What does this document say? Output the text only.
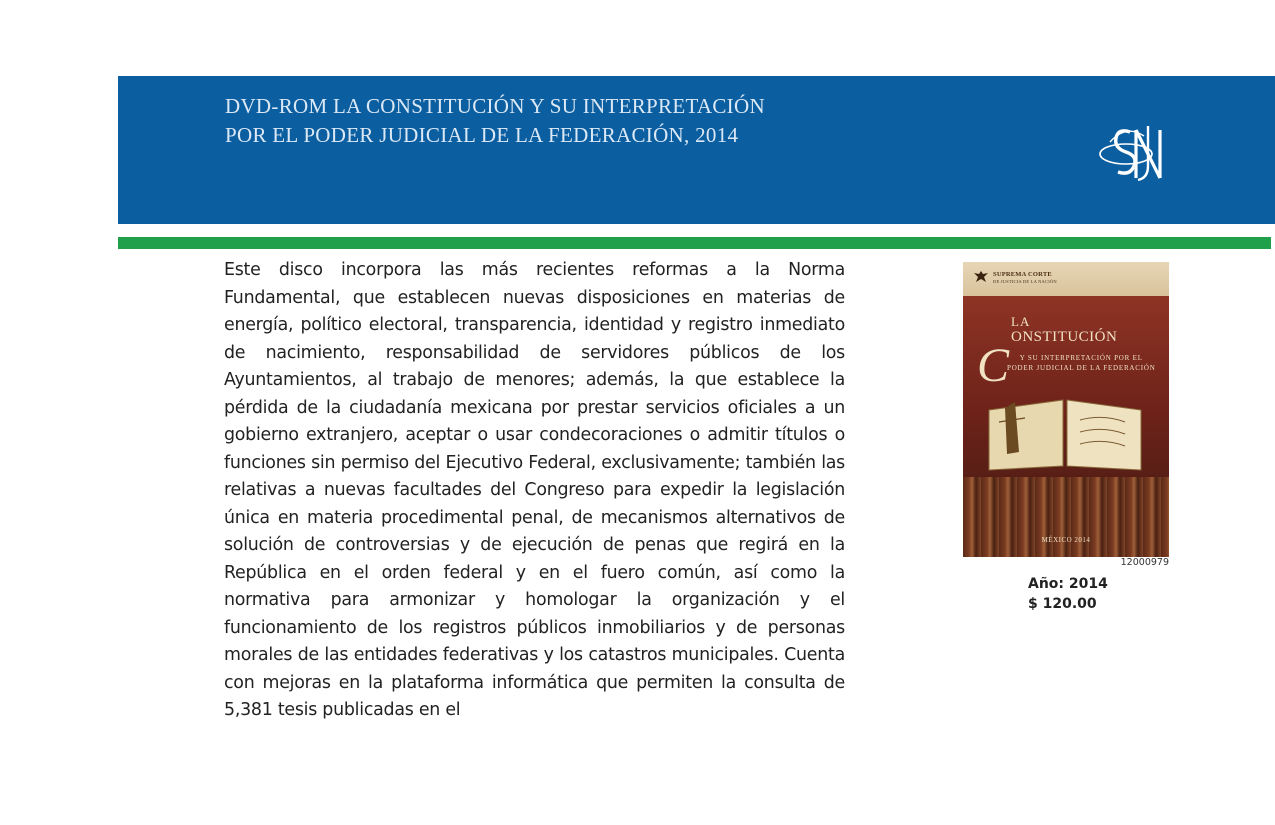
DVD-ROM LA CONSTITUCIÓN Y SU INTERPRETACIÓN
POR EL PODER JUDICIAL DE LA FEDERACIÓN, 2014

Este disco incorpora las más recientes reformas a la Norma Fundamental, que establecen nuevas disposiciones en materias de energía, político electoral, transparencia, identidad y registro inmediato de nacimiento, responsabilidad de servidores públicos de los Ayuntamientos, al trabajo de menores; además, la que establece la pérdida de la ciudadanía mexicana por prestar servicios oficiales a un gobierno extranjero, aceptar o usar condecoraciones o admitir títulos o funciones sin permiso del Ejecutivo Federal, exclusivamente; también las relativas a nuevas facultades del Congreso para expedir la legislación única en materia procedimental penal, de mecanismos alternativos de solución de controversias y de ejecución de penas que regirá en la República en el orden federal y en el fuero común, así como la normativa para armonizar y homologar la organización y el funcionamiento de los registros públicos inmobiliarios y de personas morales de las entidades federativas y los catastros municipales. Cuenta con mejoras en la plataforma informática que permiten la consulta de 5,381 tesis publicadas en el

SUPREMA CORTE
DE JUSTICIA DE LA NACIÓN
C
LA
ONSTITUCIÓN
Y SU INTERPRETACIÓN POR EL
PODER JUDICIAL DE LA FEDERACIÓN
MÉXICO 2014
12000979
Año: 2014
$ 120.00
